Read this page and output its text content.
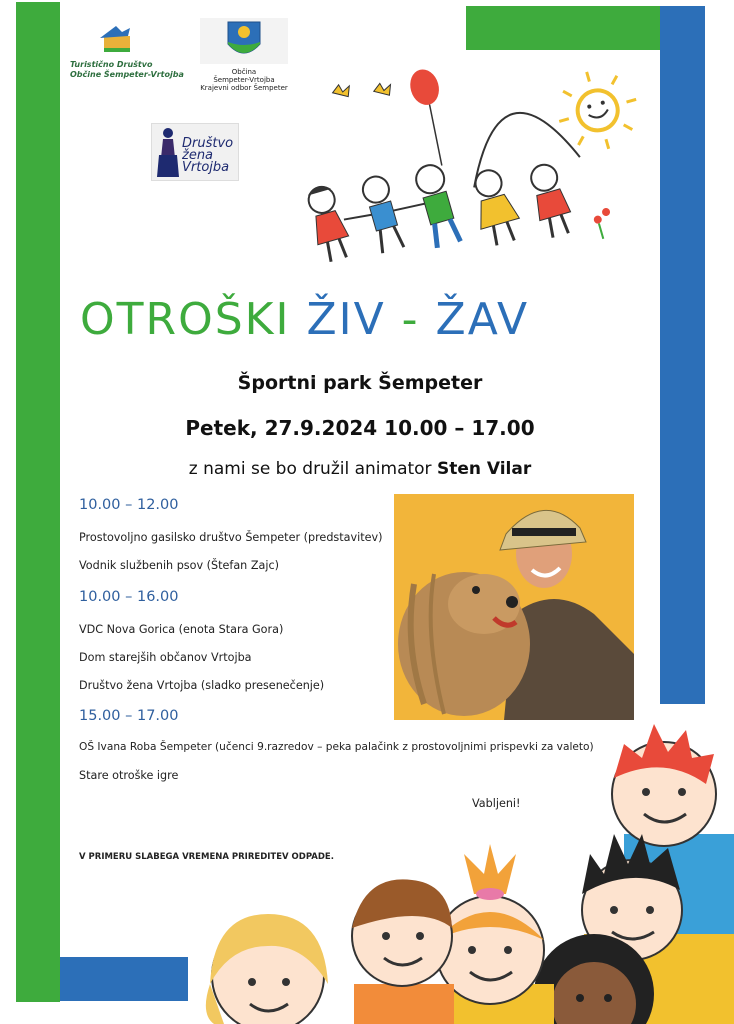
Turistično Društvo
Občine Šempeter-Vrtojba	Občina
Šempeter-Vrtojba
Krajevni odbor Šempeter
Društvo
žena
Vrtojba
OTROŠKI ŽIV - ŽAV
Športni park Šempeter
Petek, 27.9.2024 10.00 – 17.00
z nami se bo družil animator Sten Vilar
10.00 – 12.00
Prostovoljno gasilsko društvo Šempeter (predstavitev)
Vodnik službenih psov (Štefan Zajc)
10.00 – 16.00
VDC Nova Gorica (enota Stara Gora)
Dom starejših občanov Vrtojba
Društvo žena Vrtojba (sladko presenečenje)
15.00 – 17.00
OŠ Ivana Roba Šempeter (učenci 9.razredov – peka palačink z prostovoljnimi prispevki za valeto)
Stare otroške igre
Vabljeni!
V PRIMERU SLABEGA VREMENA PRIREDITEV ODPADE.
